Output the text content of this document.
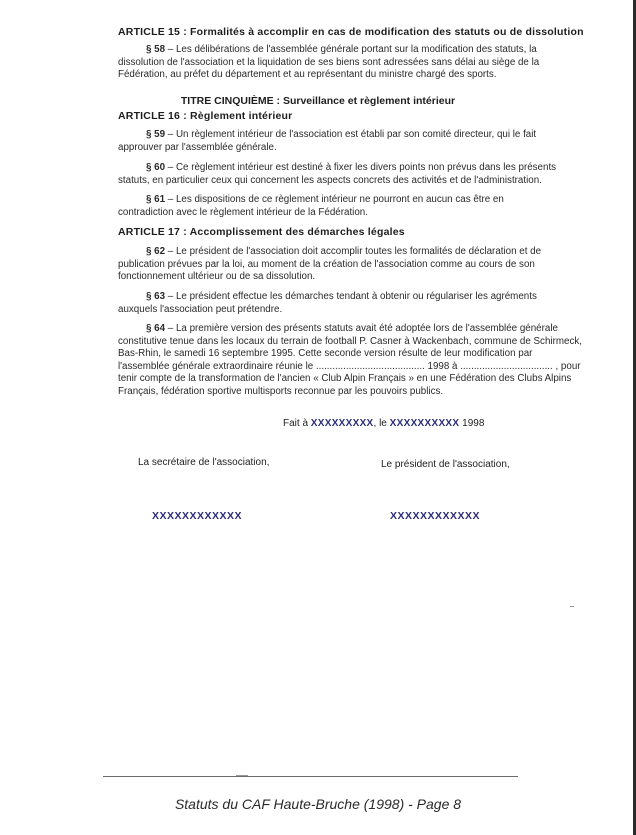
ARTICLE 15 : Formalités à accomplir en cas de modification des statuts ou de dissolution
§ 58 – Les délibérations de l'assemblée générale portant sur la modification des statuts, la dissolution de l'association et la liquidation de ses biens sont adressées sans délai au siège de la Fédération, au préfet du département et au représentant du ministre chargé des sports.
TITRE CINQUIÈME : Surveillance et règlement intérieur
ARTICLE 16 : Règlement intérieur
§ 59 – Un règlement intérieur de l'association est établi par son comité directeur, qui le fait approuver par l'assemblée générale.
§ 60 – Ce règlement intérieur est destiné à fixer les divers points non prévus dans les présents statuts, en particulier ceux qui concernent les aspects concrets des activités et de l'administration.
§ 61 – Les dispositions de ce règlement intérieur ne pourront en aucun cas être en contradiction avec le règlement intérieur de la Fédération.
ARTICLE 17 : Accomplissement des démarches légales
§ 62 – Le président de l'association doit accomplir toutes les formalités de déclaration et de publication prévues par la loi, au moment de la création de l'association comme au cours de son fonctionnement ultérieur ou de sa dissolution.
§ 63 – Le président effectue les démarches tendant à obtenir ou régulariser les agréments auxquels l'association peut prétendre.
§ 64 – La première version des présents statuts avait été adoptée lors de l'assemblée générale constitutive tenue dans les locaux du terrain de football P. Casner à Wackenbach, commune de Schirmeck, Bas-Rhin, le samedi 16 septembre 1995. Cette seconde version résulte de leur modification par l'assemblée générale extraordinaire réunie le ........................................ 1998 à .................................. , pour tenir compte de la transformation de l'ancien « Club Alpin Français » en une Fédération des Clubs Alpins Français, fédération sportive multisports reconnue par les pouvoirs publics.
Fait à XXXXXXXXX, le XXXXXXXXXX 1998
La secrétaire de l'association,	Le président de l'association,
XXXXXXXXXXXX	XXXXXXXXXXXX
Statuts du CAF Haute-Bruche (1998) - Page 8
